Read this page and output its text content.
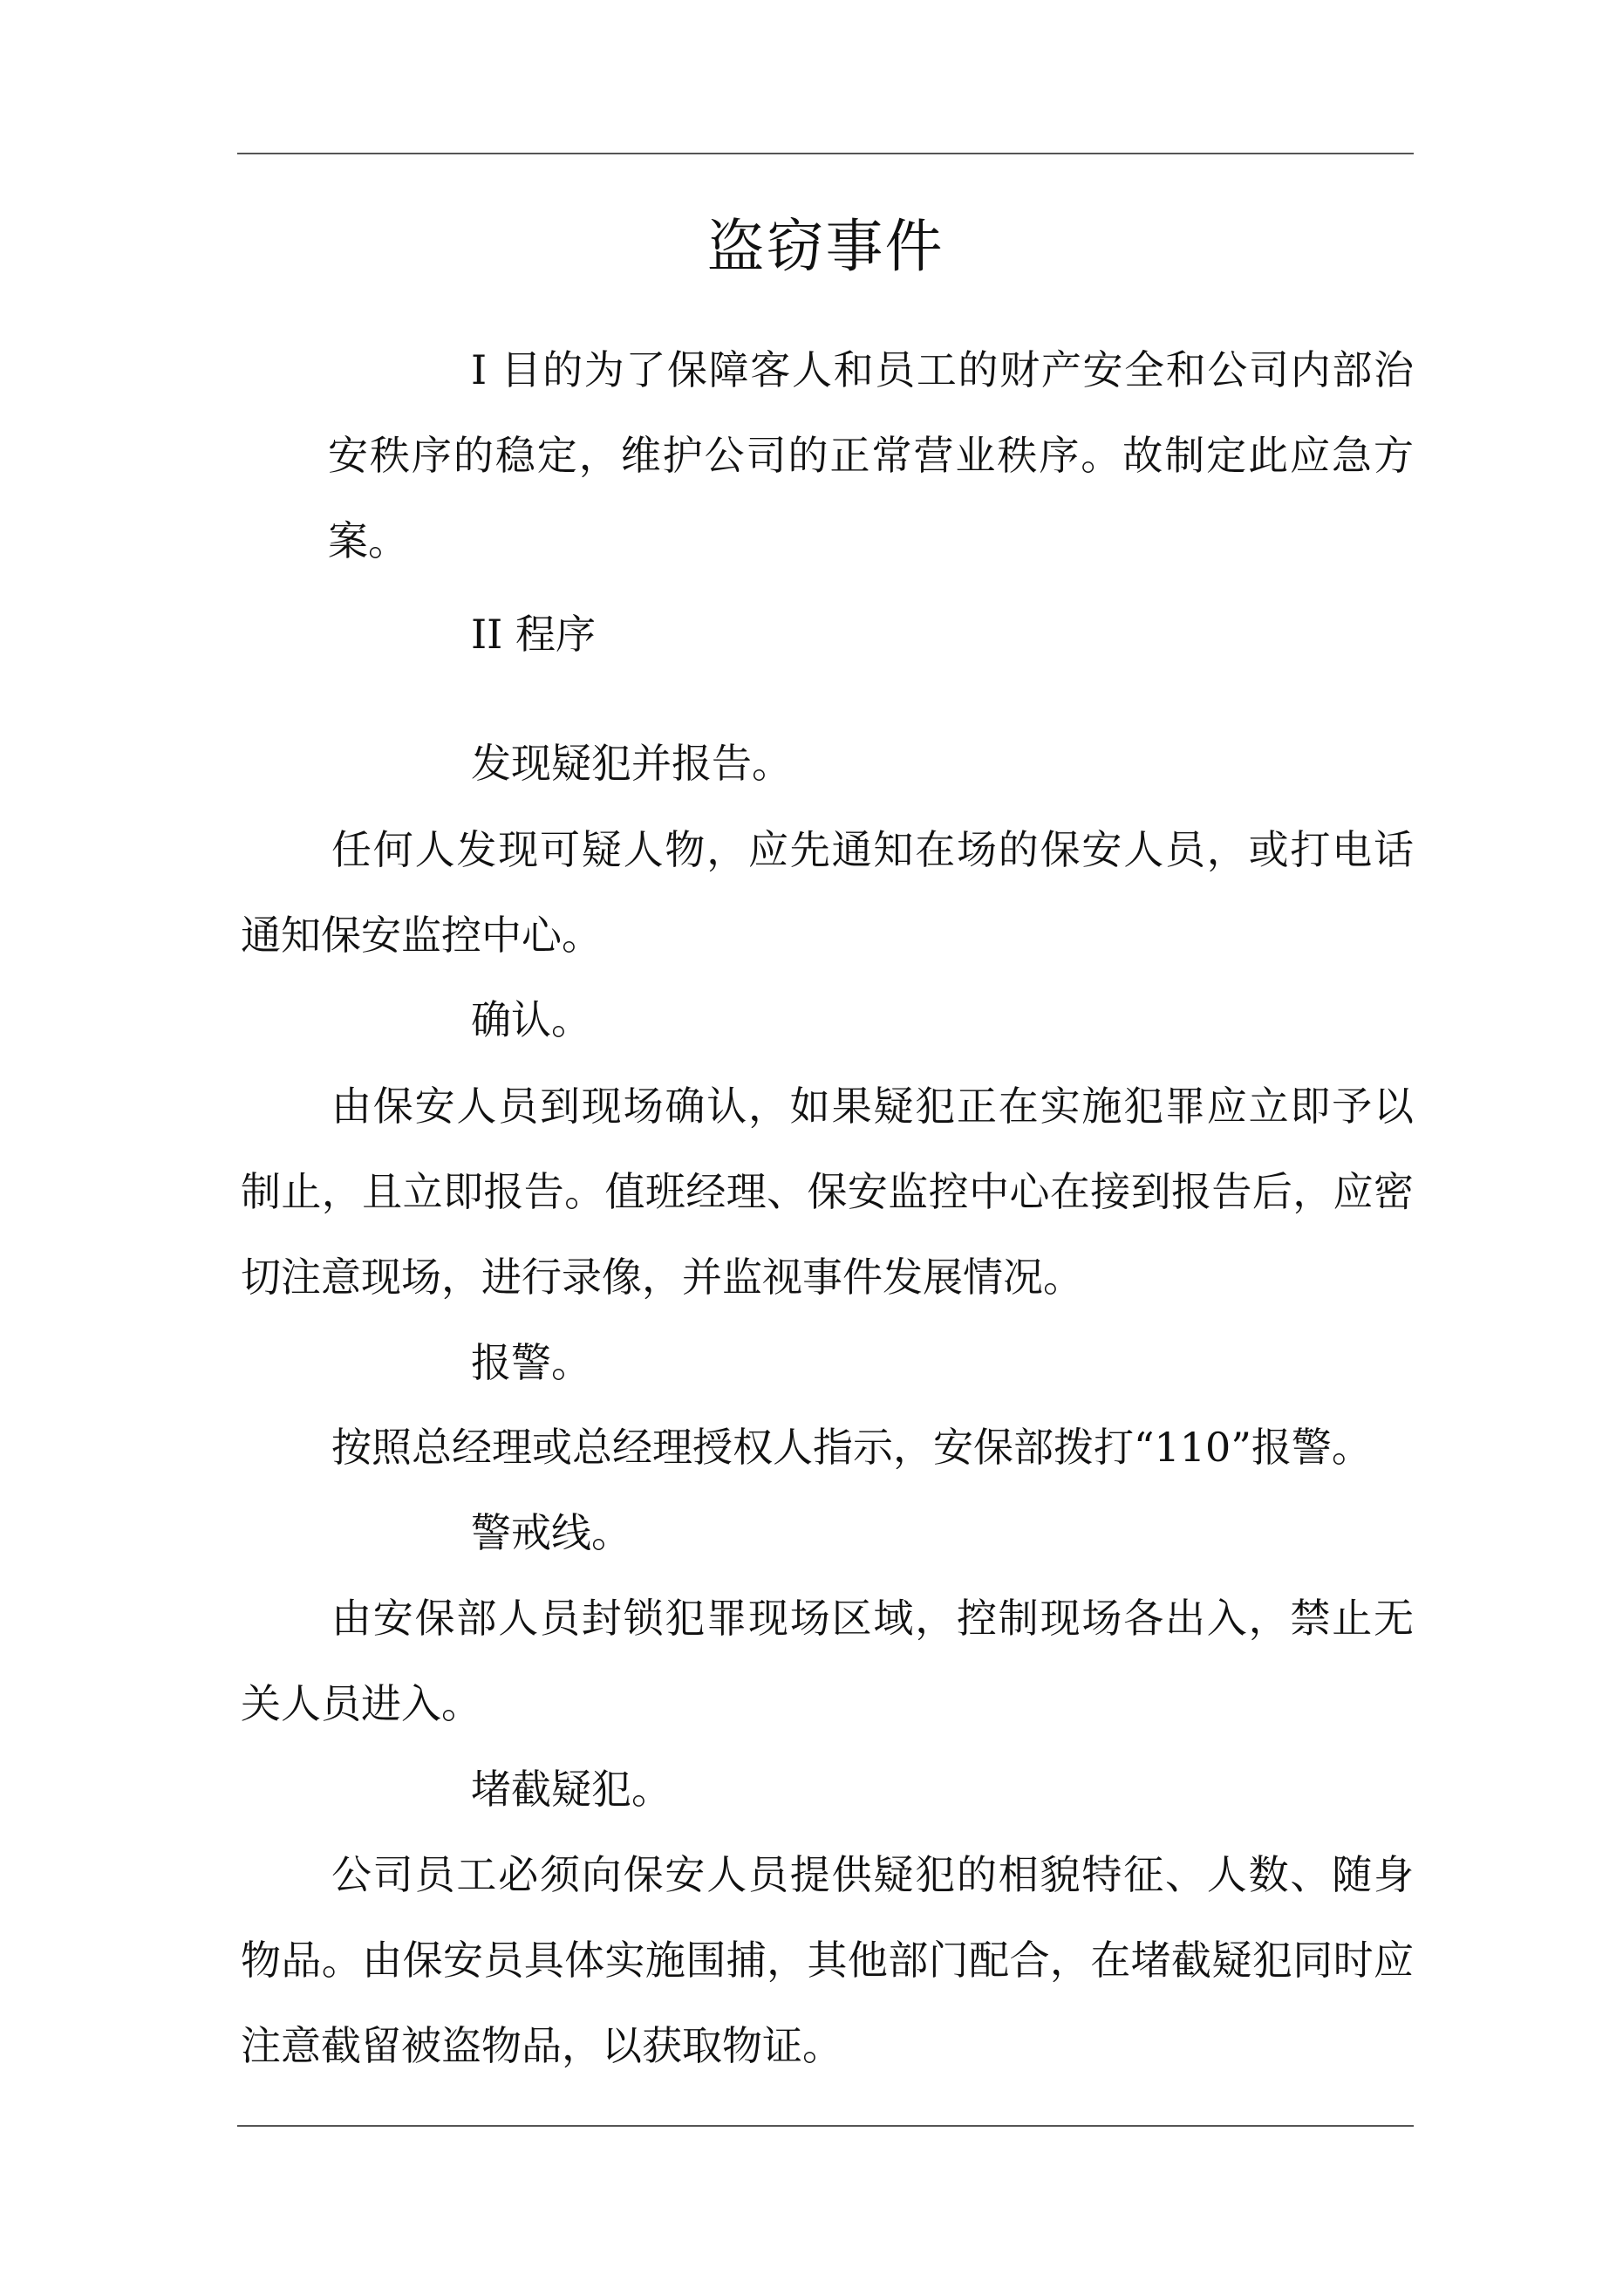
盗窃事件
I 目的为了保障客人和员工的财产安全和公司内部治安秩序的稳定，维护公司的正常营业秩序。故制定此应急方案。
II 程序
发现疑犯并报告。
任何人发现可疑人物，应先通知在场的保安人员，或打电话通知保安监控中心。
确认。
由保安人员到现场确认，如果疑犯正在实施犯罪应立即予以制止，且立即报告。值班经理、保安监控中心在接到报告后，应密切注意现场，进行录像，并监视事件发展情况。
报警。
按照总经理或总经理授权人指示，安保部拨打“110”报警。
警戒线。
由安保部人员封锁犯罪现场区域，控制现场各出入，禁止无关人员进入。
堵截疑犯。
公司员工必须向保安人员提供疑犯的相貌特征、人数、随身物品。由保安员具体实施围捕，其他部门配合，在堵截疑犯同时应注意截留被盗物品，以获取物证。
